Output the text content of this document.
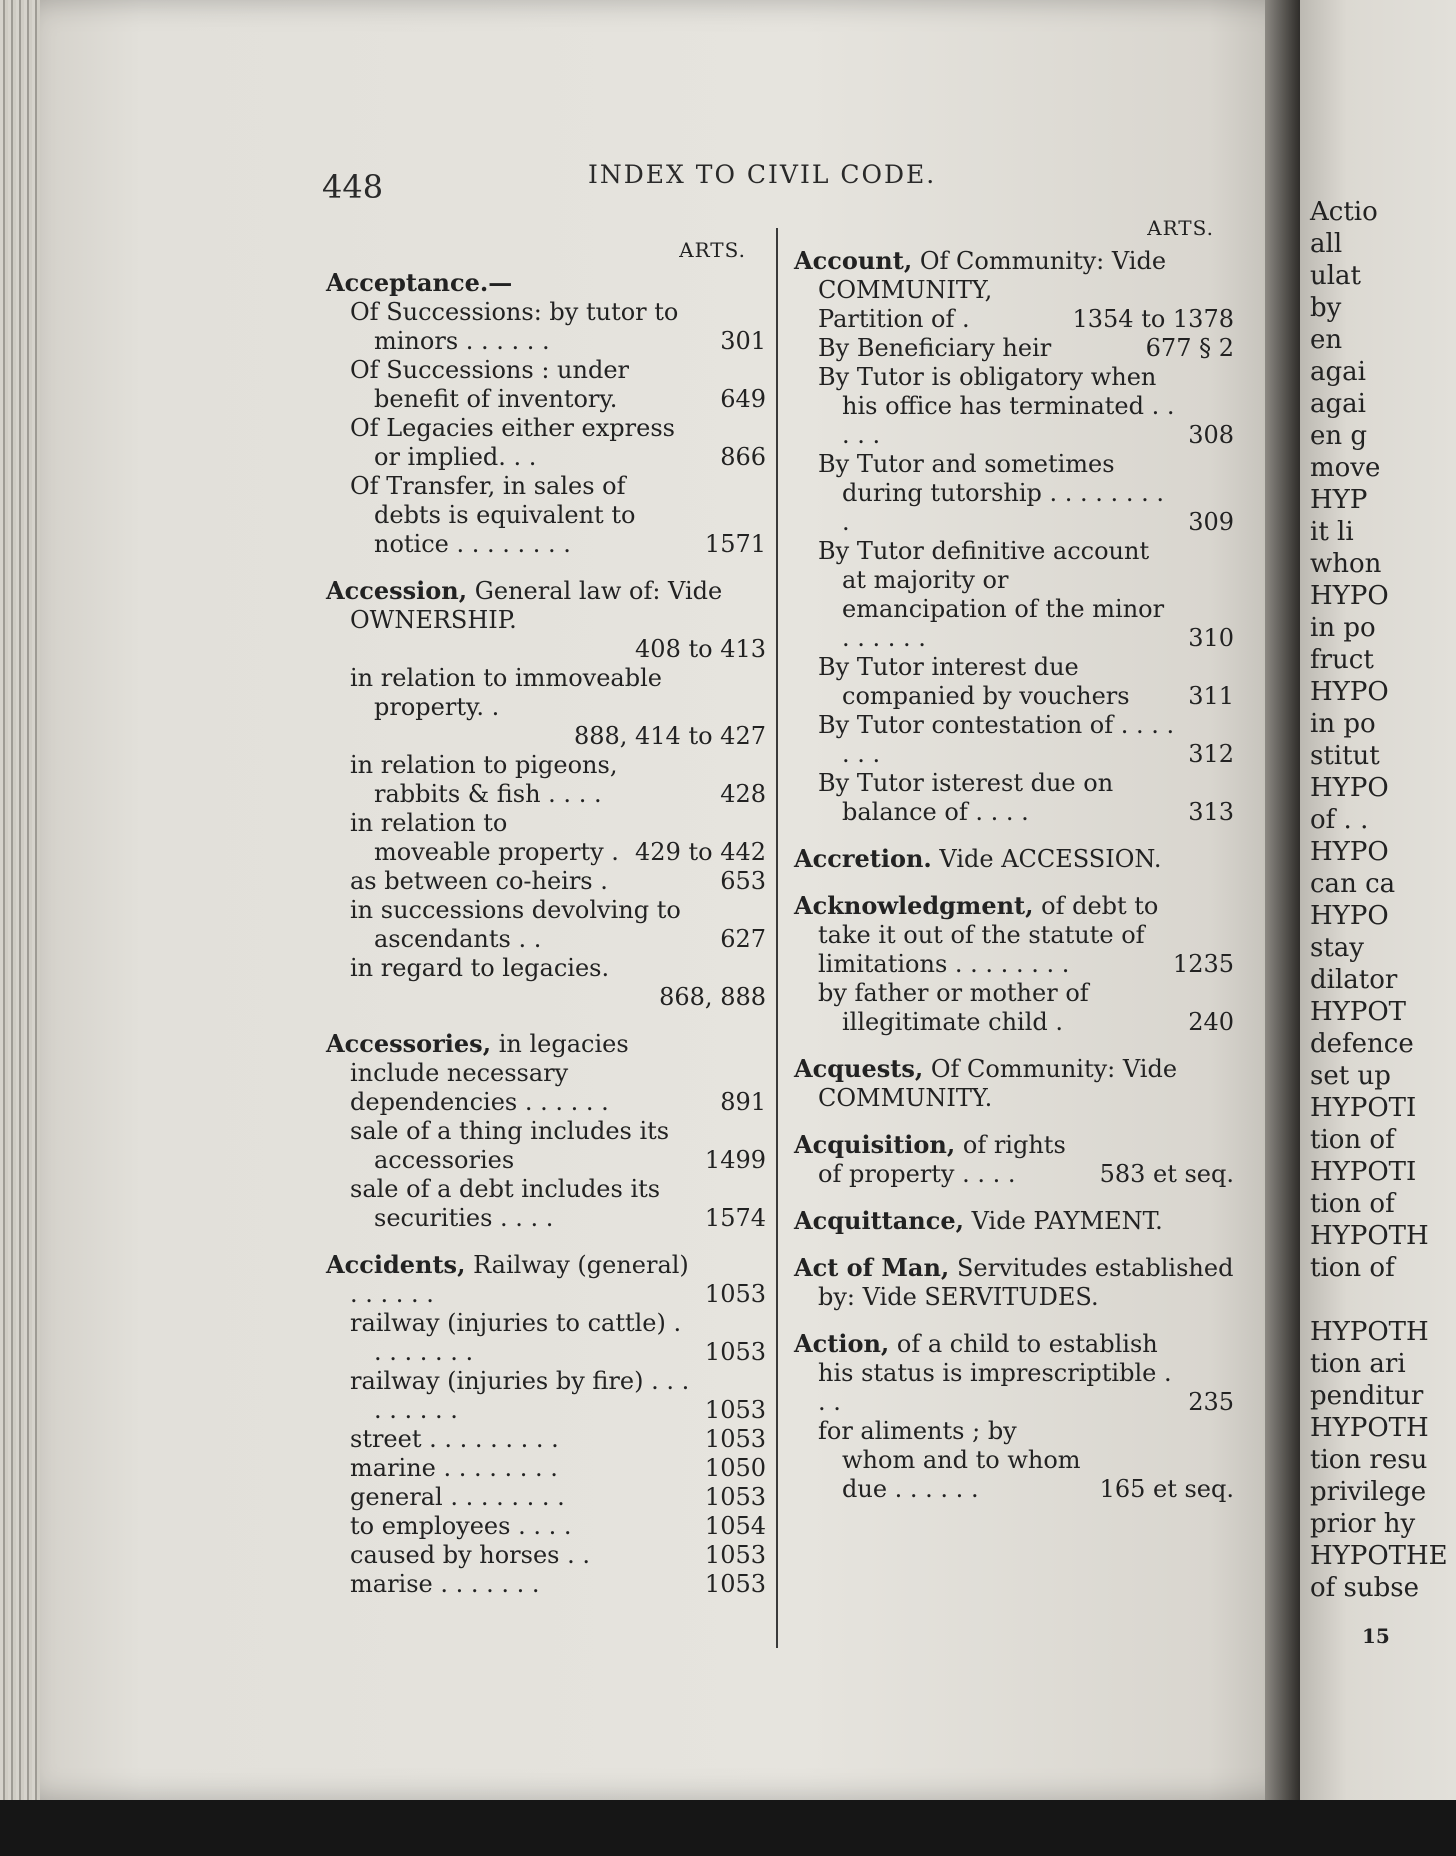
Actio
all
ulat
by
en
agai
agai
en g
move
HYP
it li
whon
HYPO
in po
fruct
HYPO
in po
stitut
HYPO
of . .
HYPO
can ca
HYPO
stay
dilator
HYPOT
defence
set up
HYPOTI
tion of
HYPOTI
tion of
HYPOTH
tion of
HYPOTH
tion ari
penditur
HYPOTH
tion resu
privilege
prior hy
HYPOTHE
of subse
448	INDEX TO CIVIL CODE.
ARTS.
Acceptance.—
Of Successions: by tutor to minors . . . . . .	301
Of Successions : under benefit of inventory.	649
Of Legacies either express or implied. . .	866
Of Transfer, in sales of debts is equivalent to notice . . . . . . . .	1571
Accession, General law of: Vide OWNERSHIP.
408 to 413
in relation to immoveable property. .
888, 414 to 427
in relation to pigeons, rabbits & fish . . . .	428
in relation to moveable property . 429 to 442
as between co-heirs .	653
in successions devolving to ascendants . .	627
in regard to legacies.
868, 888
Accessories, in legacies include necessary dependencies . . . . . .	891
sale of a thing includes its accessories	1499
sale of a debt includes its securities . . . .	1574
Accidents, Railway (general) . . . . . .	1053
railway (injuries to cattle) . . . . . . . .	1053
railway (injuries by fire) . . . . . . . . .	1053
street . . . . . . . . .	1053
marine . . . . . . . .	1050
general . . . . . . . .	1053
to employees . . . .	1054
caused by horses . .	1053
marise . . . . . . .	1053
ARTS.
Account, Of Community: Vide COMMUNITY,
Partition of .	1354 to 1378
By Beneficiary heir	677 § 2
By Tutor is obligatory when his office has terminated . . . . .	308
By Tutor and sometimes during tutorship . . . . . . . . .	309
By Tutor definitive account at majority or emancipation of the minor . . . . . .	310
By Tutor interest due companied by vouchers	311
By Tutor contestation of . . . . . . .	312
By Tutor isterest due on balance of . . . .	313
Accretion. Vide ACCESSION.
Acknowledgment, of debt to take it out of the statute of limitations . . . . . . . .	1235
by father or mother of illegitimate child .	240
Acquests, Of Community: Vide COMMUNITY.
Acquisition, of rights of property . . . .	583 et seq.
Acquittance, Vide PAYMENT.
Act of Man, Servitudes established by: Vide SERVITUDES.
Action, of a child to establish his status is imprescriptible . . .	235
for aliments ; by whom and to whom due . . . . . .	165 et seq.
15
